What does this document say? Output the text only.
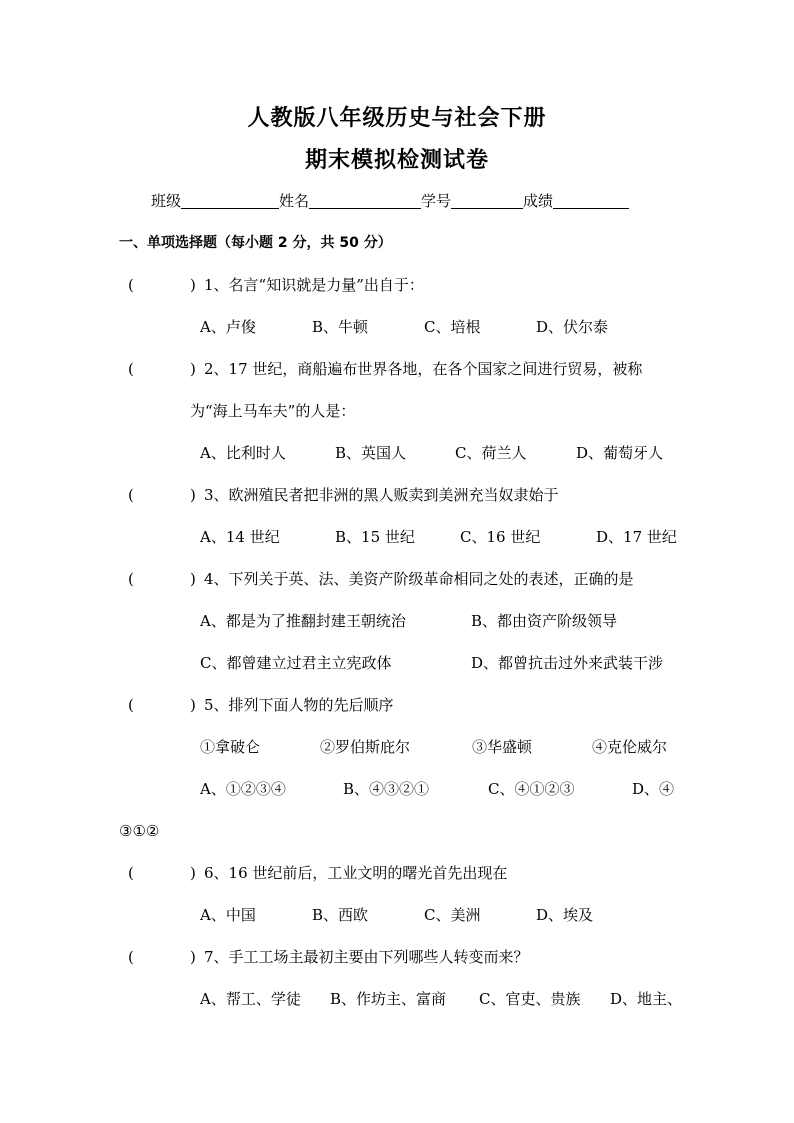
人教版八年级历史与社会下册
期末模拟检测试卷
班级	姓名	学号	成绩
一、单项选择题（每小题 2 分，共 50 分）
(	) 1、名言“知识就是力量”出自于：
A、卢俊	B、牛顿	C、培根	D、伏尔泰
(	) 2、17 世纪，商船遍布世界各地，在各个国家之间进行贸易，被称
为“海上马车夫”的人是：
A、比利时人	B、英国人	C、荷兰人	D、葡萄牙人
(	) 3、欧洲殖民者把非洲的黑人贩卖到美洲充当奴隶始于
A、14 世纪	B、15 世纪	C、16 世纪	D、17 世纪
(	) 4、下列关于英、法、美资产阶级革命相同之处的表述，正确的是
A、都是为了推翻封建王朝统治	B、都由资产阶级领导
C、都曾建立过君主立宪政体	D、都曾抗击过外来武装干涉
(	) 5、排列下面人物的先后顺序
①拿破仑	②罗伯斯庇尔	③华盛顿	④克伦威尔
A、①②③④	B、④③②①	C、④①②③	D、④
③①②
(	) 6、16 世纪前后，工业文明的曙光首先出现在
A、中国	B、西欧	C、美洲	D、埃及
(	) 7、手工工场主最初主要由下列哪些人转变而来？
A、帮工、学徒 B、作坊主、富商 C、官吏、贵族 D、地主、
